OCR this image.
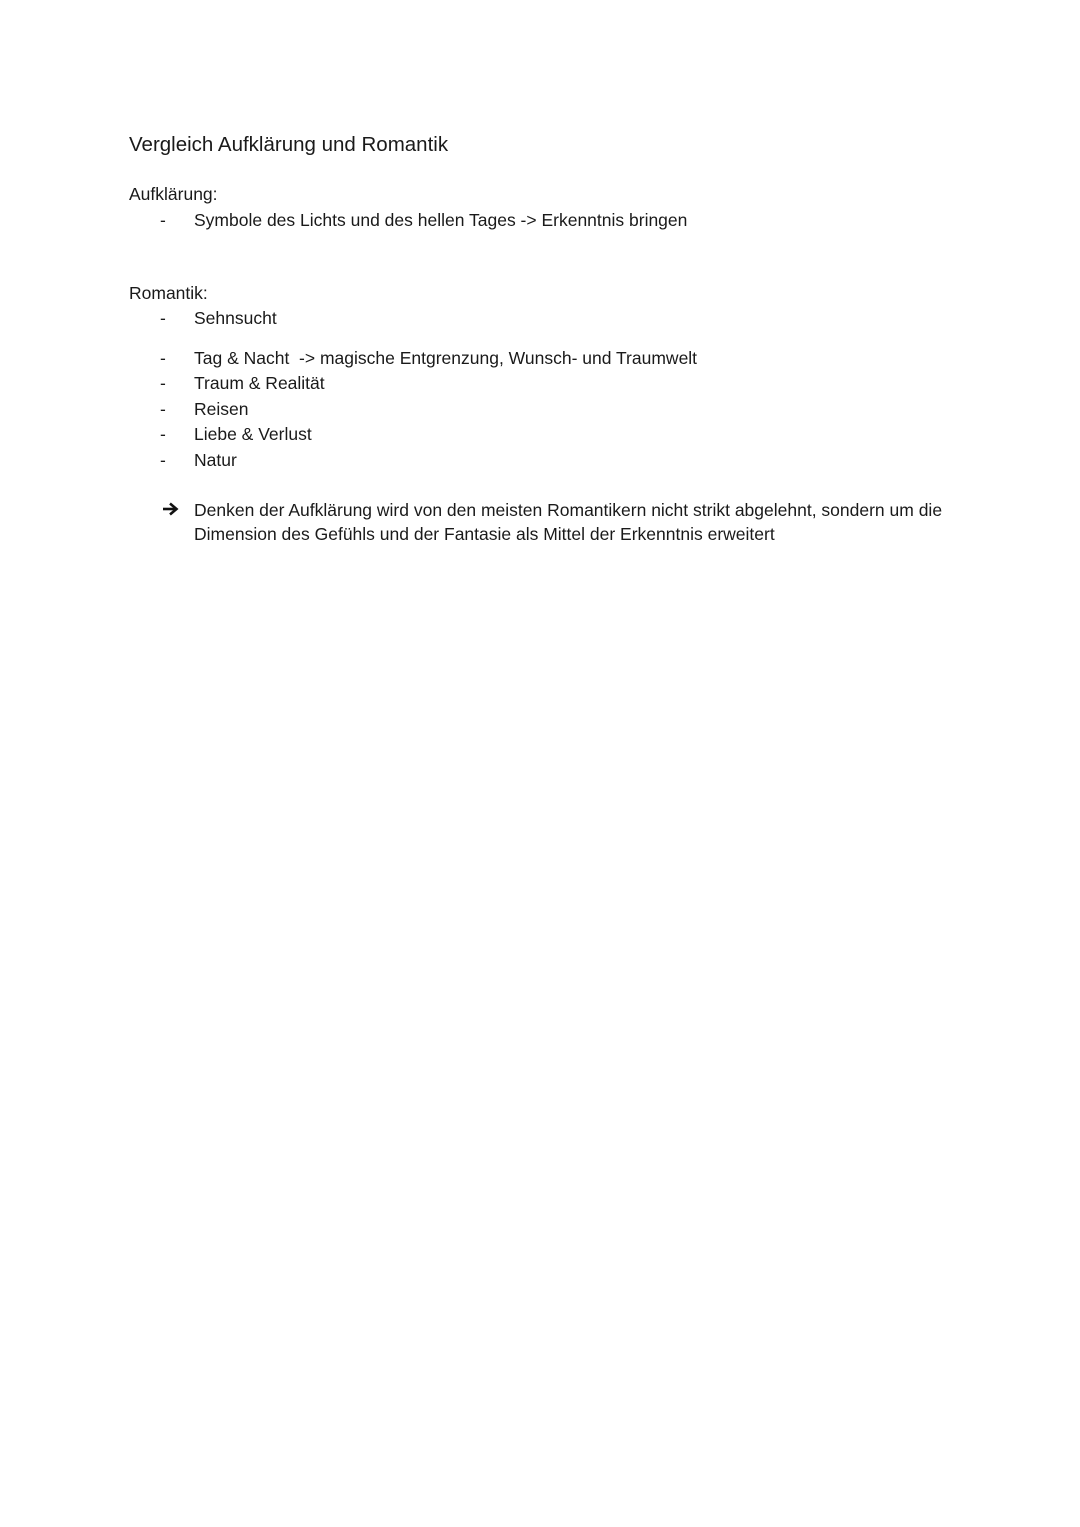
Vergleich Aufklärung und Romantik
Aufklärung:
- Symbole des Lichts und des hellen Tages -> Erkenntnis bringen
Romantik:
- Sehnsucht
- Tag & Nacht  -> magische Entgrenzung, Wunsch- und Traumwelt
- Traum & Realität
- Reisen
- Liebe & Verlust
- Natur
Denken der Aufklärung wird von den meisten Romantikern nicht strikt abgelehnt, sondern um die Dimension des Gefühls und der Fantasie als Mittel der Erkenntnis erweitert
